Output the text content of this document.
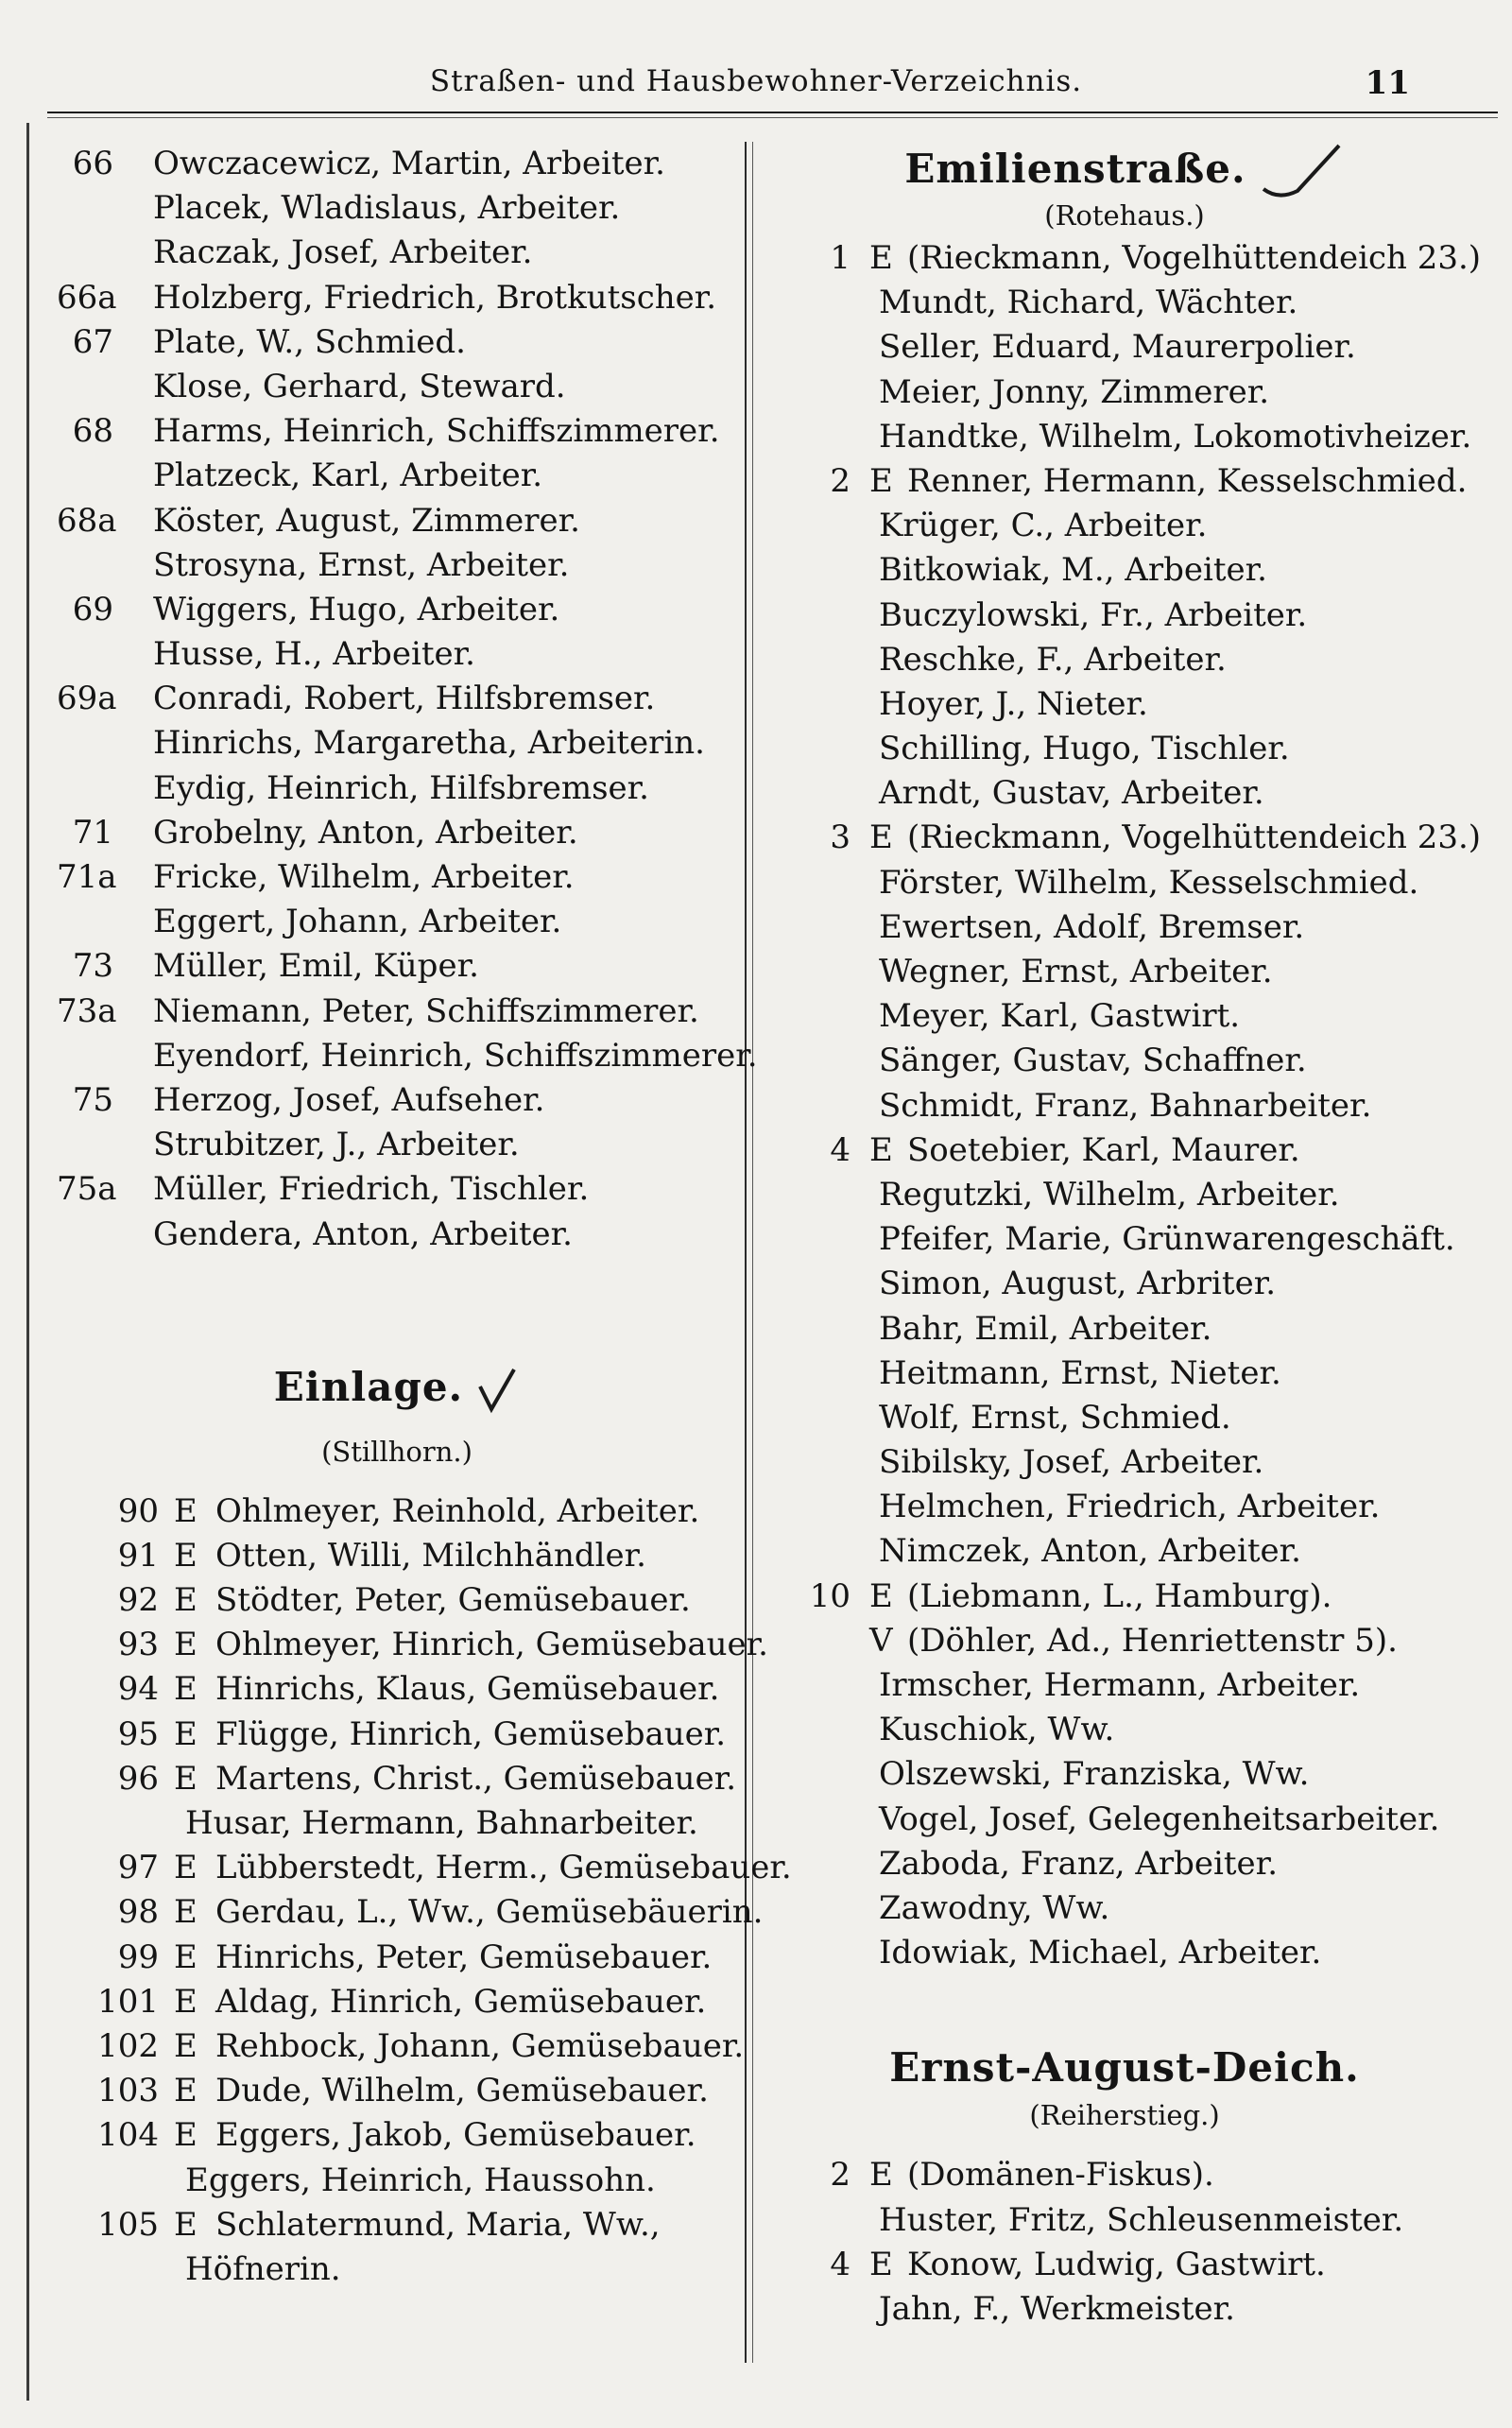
Straßen- und Hausbewohner-Verzeichnis.	11
66 Owczacewicz, Martin, Arbeiter.
Placek, Wladislaus, Arbeiter.
Raczak, Josef, Arbeiter.
66a Holzberg, Friedrich, Brotkutscher.
67 Plate, W., Schmied.
Klose, Gerhard, Steward.
68 Harms, Heinrich, Schiffszimmerer.
Platzeck, Karl, Arbeiter.
68a Köster, August, Zimmerer.
Strosyna, Ernst, Arbeiter.
69 Wiggers, Hugo, Arbeiter.
Husse, H., Arbeiter.
69a Conradi, Robert, Hilfsbremser.
Hinrichs, Margaretha, Arbeiterin.
Eydig, Heinrich, Hilfsbremser.
71 Grobelny, Anton, Arbeiter.
71a Fricke, Wilhelm, Arbeiter.
Eggert, Johann, Arbeiter.
73 Müller, Emil, Küper.
73a Niemann, Peter, Schiffszimmerer.
Eyendorf, Heinrich, Schiffszimmerer.
75 Herzog, Josef, Aufseher.
Strubitzer, J., Arbeiter.
75a Müller, Friedrich, Tischler.
Gendera, Anton, Arbeiter.
Einlage.
(Stillhorn.)
90 E Ohlmeyer, Reinhold, Arbeiter.
91 E Otten, Willi, Milchhändler.
92 E Stödter, Peter, Gemüsebauer.
93 E Ohlmeyer, Hinrich, Gemüsebauer.
94 E Hinrichs, Klaus, Gemüsebauer.
95 E Flügge, Hinrich, Gemüsebauer.
96 E Martens, Christ., Gemüsebauer.
Husar, Hermann, Bahnarbeiter.
97 E Lübberstedt, Herm., Gemüsebauer.
98 E Gerdau, L., Ww., Gemüsebäuerin.
99 E Hinrichs, Peter, Gemüsebauer.
101 E Aldag, Hinrich, Gemüsebauer.
102 E Rehbock, Johann, Gemüsebauer.
103 E Dude, Wilhelm, Gemüsebauer.
104 E Eggers, Jakob, Gemüsebauer.
Eggers, Heinrich, Haussohn.
105 E Schlatermund, Maria, Ww.,
Höfnerin.
Emilienstraße.
(Rotehaus.)
1 E (Rieckmann, Vogelhüttendeich 23.)
Mundt, Richard, Wächter.
Seller, Eduard, Maurerpolier.
Meier, Jonny, Zimmerer.
Handtke, Wilhelm, Lokomotivheizer.
2 E Renner, Hermann, Kesselschmied.
Krüger, C., Arbeiter.
Bitkowiak, M., Arbeiter.
Buczylowski, Fr., Arbeiter.
Reschke, F., Arbeiter.
Hoyer, J., Nieter.
Schilling, Hugo, Tischler.
Arndt, Gustav, Arbeiter.
3 E (Rieckmann, Vogelhüttendeich 23.)
Förster, Wilhelm, Kesselschmied.
Ewertsen, Adolf, Bremser.
Wegner, Ernst, Arbeiter.
Meyer, Karl, Gastwirt.
Sänger, Gustav, Schaffner.
Schmidt, Franz, Bahnarbeiter.
4 E Soetebier, Karl, Maurer.
Regutzki, Wilhelm, Arbeiter.
Pfeifer, Marie, Grünwarengeschäft.
Simon, August, Arbriter.
Bahr, Emil, Arbeiter.
Heitmann, Ernst, Nieter.
Wolf, Ernst, Schmied.
Sibilsky, Josef, Arbeiter.
Helmchen, Friedrich, Arbeiter.
Nimczek, Anton, Arbeiter.
10 E (Liebmann, L., Hamburg).
V (Döhler, Ad., Henriettenstr 5).
Irmscher, Hermann, Arbeiter.
Kuschiok, Ww.
Olszewski, Franziska, Ww.
Vogel, Josef, Gelegenheitsarbeiter.
Zaboda, Franz, Arbeiter.
Zawodny, Ww.
Idowiak, Michael, Arbeiter.
Ernst-August-Deich.
(Reiherstieg.)
2 E (Domänen-Fiskus).
Huster, Fritz, Schleusenmeister.
4 E Konow, Ludwig, Gastwirt.
Jahn, F., Werkmeister.
